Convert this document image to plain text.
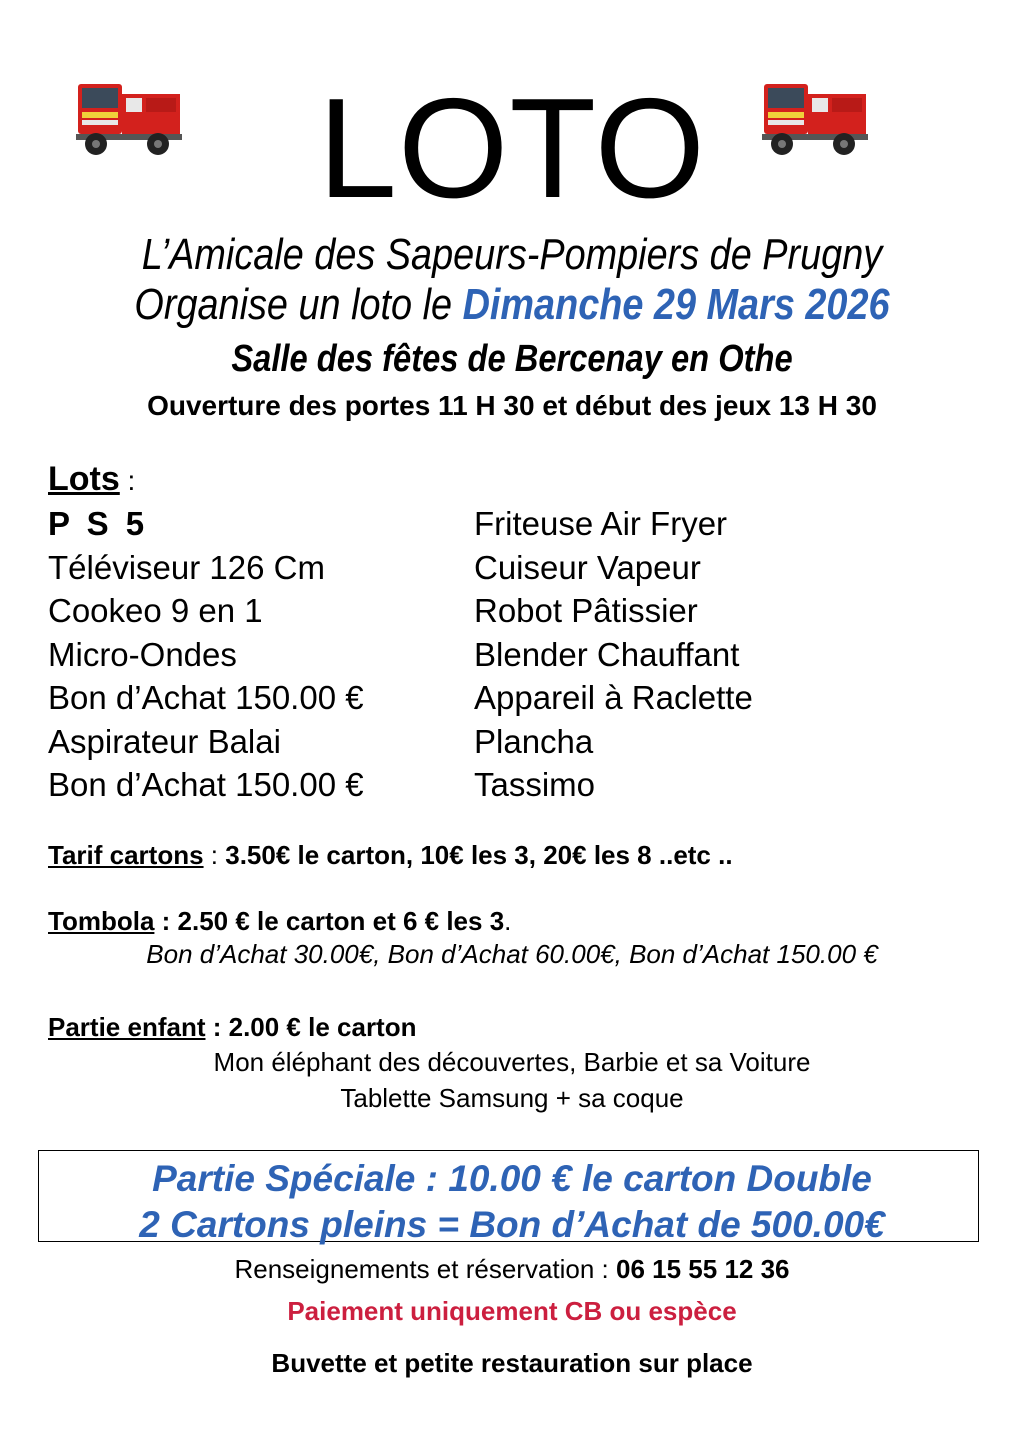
LOTO
L’Amicale des Sapeurs-Pompiers de Prugny
Organise un loto le Dimanche 29 Mars 2026
Salle des fêtes de Bercenay en Othe
Ouverture des portes 11 H 30 et début des jeux 13 H 30
Lots :
P S 5
Téléviseur 126 Cm
Cookeo 9 en 1
Micro-Ondes
Bon d’Achat 150.00 €
Aspirateur Balai
Bon d’Achat 150.00 €
Friteuse Air Fryer
Cuiseur Vapeur
Robot Pâtissier
Blender Chauffant
Appareil à Raclette
Plancha
Tassimo
Tarif cartons : 3.50€ le carton, 10€ les 3, 20€ les 8 ..etc ..
Tombola : 2.50 € le carton et 6 € les 3.
Bon d’Achat 30.00€, Bon d’Achat 60.00€, Bon d’Achat 150.00 €
Partie enfant : 2.00 € le carton
Mon éléphant des découvertes, Barbie et sa Voiture
Tablette Samsung + sa coque
Partie Spéciale : 10.00 € le carton Double
2 Cartons pleins = Bon d’Achat de 500.00€
Renseignements et réservation : 06 15 55 12 36
Paiement uniquement CB ou espèce
Buvette et petite restauration sur place
